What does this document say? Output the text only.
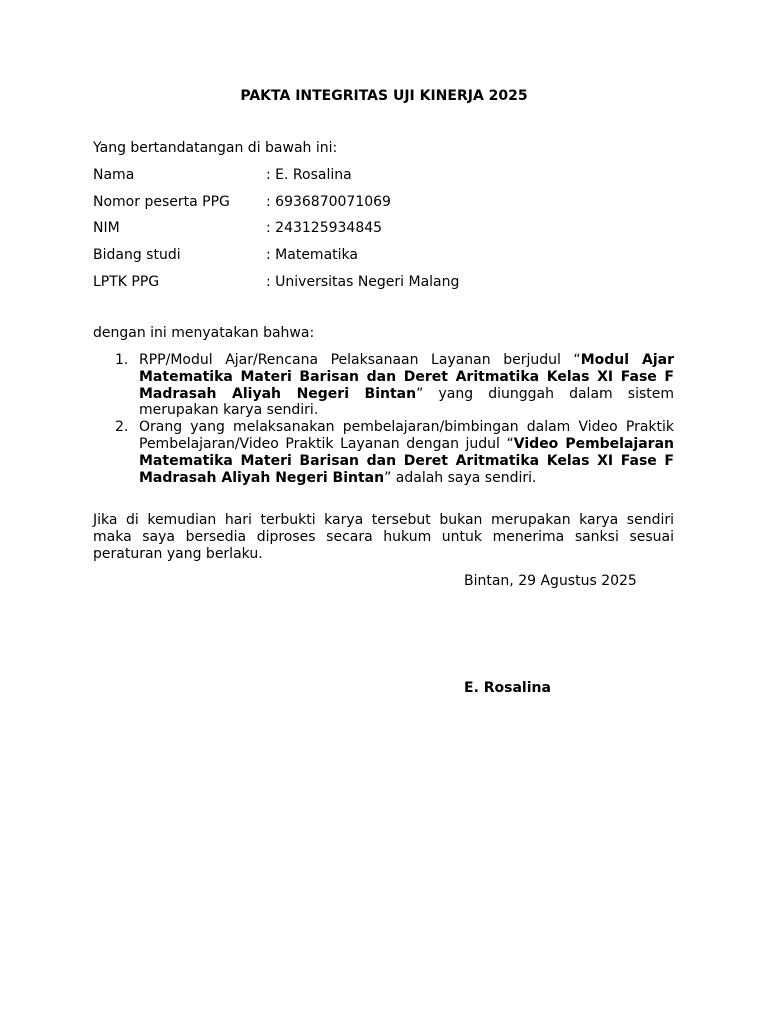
PAKTA INTEGRITAS UJI KINERJA 2025
Yang bertandatangan di bawah ini:
Nama	: E. Rosalina
Nomor peserta PPG	: 6936870071069
NIM	: 243125934845
Bidang studi	: Matematika
LPTK PPG	: Universitas Negeri Malang
dengan ini menyatakan bahwa:
1. RPP/Modul Ajar/Rencana Pelaksanaan Layanan berjudul “Modul Ajar Matematika Materi Barisan dan Deret Aritmatika Kelas XI Fase F Madrasah Aliyah Negeri Bintan” yang diunggah dalam sistem merupakan karya sendiri.
2. Orang yang melaksanakan pembelajaran/bimbingan dalam Video Praktik Pembelajaran/Video Praktik Layanan dengan judul “Video Pembelajaran Matematika Materi Barisan dan Deret Aritmatika Kelas XI Fase F Madrasah Aliyah Negeri Bintan” adalah saya sendiri.
Jika di kemudian hari terbukti karya tersebut bukan merupakan karya sendiri maka saya bersedia diproses secara hukum untuk menerima sanksi sesuai peraturan yang berlaku.
Bintan, 29 Agustus 2025
E. Rosalina
